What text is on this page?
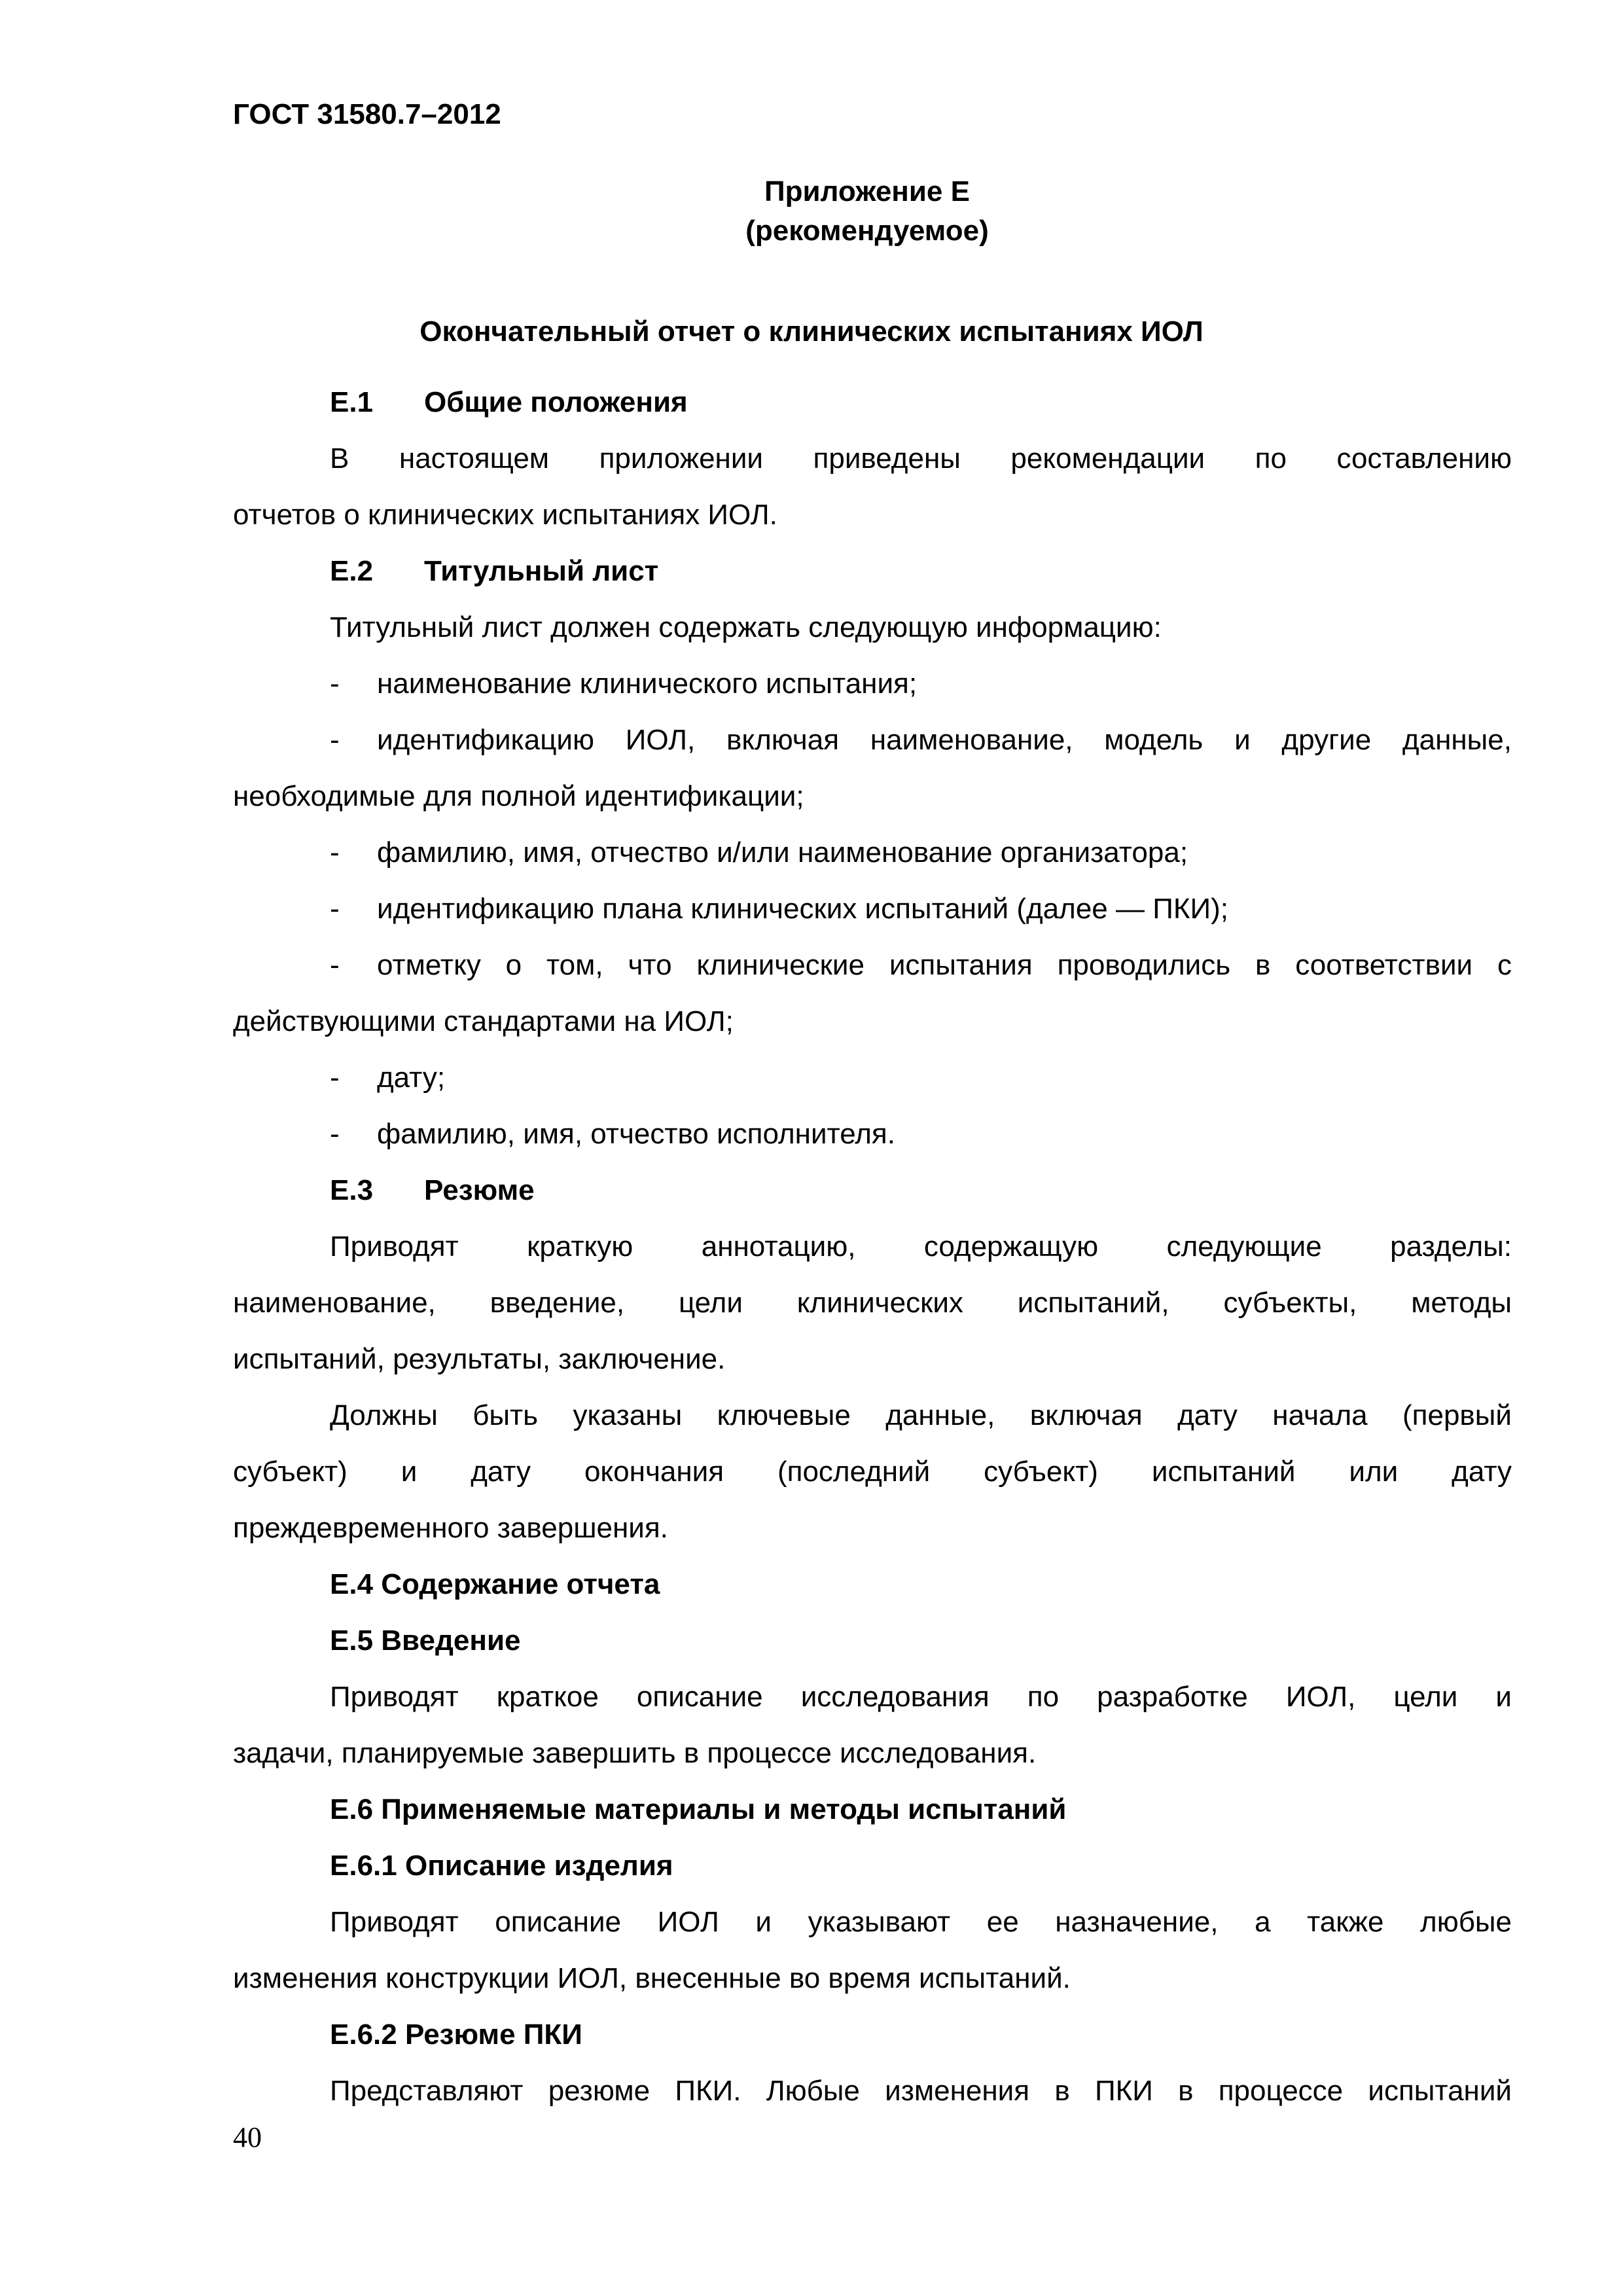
ГОСТ 31580.7–2012
Приложение Е
(рекомендуемое)
Окончательный отчет о клинических испытаниях ИОЛ
Е.1 Общие положения
В настоящем приложении приведены рекомендации по составлению
отчетов о клинических испытаниях ИОЛ.
Е.2 Титульный лист
Титульный лист должен содержать следующую информацию:
- наименование клинического испытания;
- идентификацию ИОЛ, включая наименование, модель и другие данные,
необходимые для полной идентификации;
- фамилию, имя, отчество и/или наименование организатора;
- идентификацию плана клинических испытаний (далее — ПКИ);
- отметку о том, что клинические испытания проводились в соответствии с
действующими стандартами на ИОЛ;
- дату;
- фамилию, имя, отчество исполнителя.
Е.3 Резюме
Приводят краткую аннотацию, содержащую следующие разделы:
наименование, введение, цели клинических испытаний, субъекты, методы
испытаний, результаты, заключение.
Должны быть указаны ключевые данные, включая дату начала (первый
субъект) и дату окончания (последний субъект) испытаний или дату
преждевременного завершения.
Е.4 Содержание отчета
Е.5 Введение
Приводят краткое описание исследования по разработке ИОЛ, цели и
задачи, планируемые завершить в процессе исследования.
Е.6 Применяемые материалы и методы испытаний
Е.6.1 Описание изделия
Приводят описание ИОЛ и указывают ее назначение, а также любые
изменения конструкции ИОЛ, внесенные во время испытаний.
Е.6.2 Резюме ПКИ
Представляют резюме ПКИ. Любые изменения в ПКИ в процессе испытаний
40
